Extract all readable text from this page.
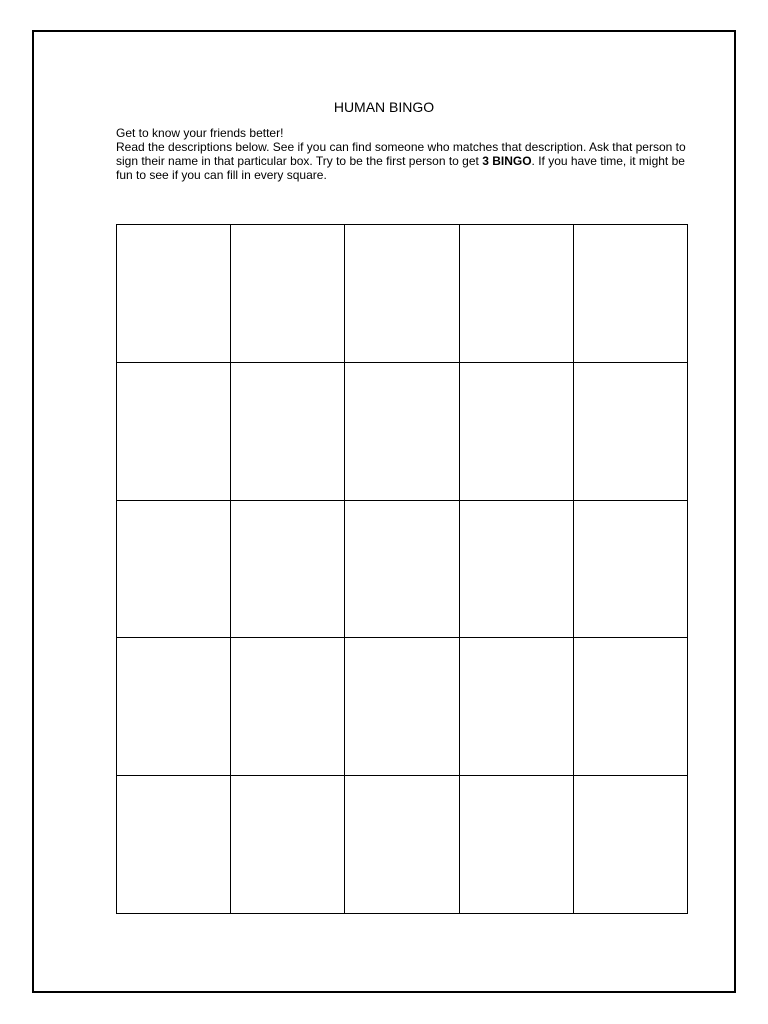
HUMAN BINGO

Get to know your friends better!

Read the descriptions below. See if you can find someone who matches that description. Ask that person to sign their name in that particular box. Try to be the first person to get 3 BINGO. If you have time, it might be fun to see if you can fill in every square.
